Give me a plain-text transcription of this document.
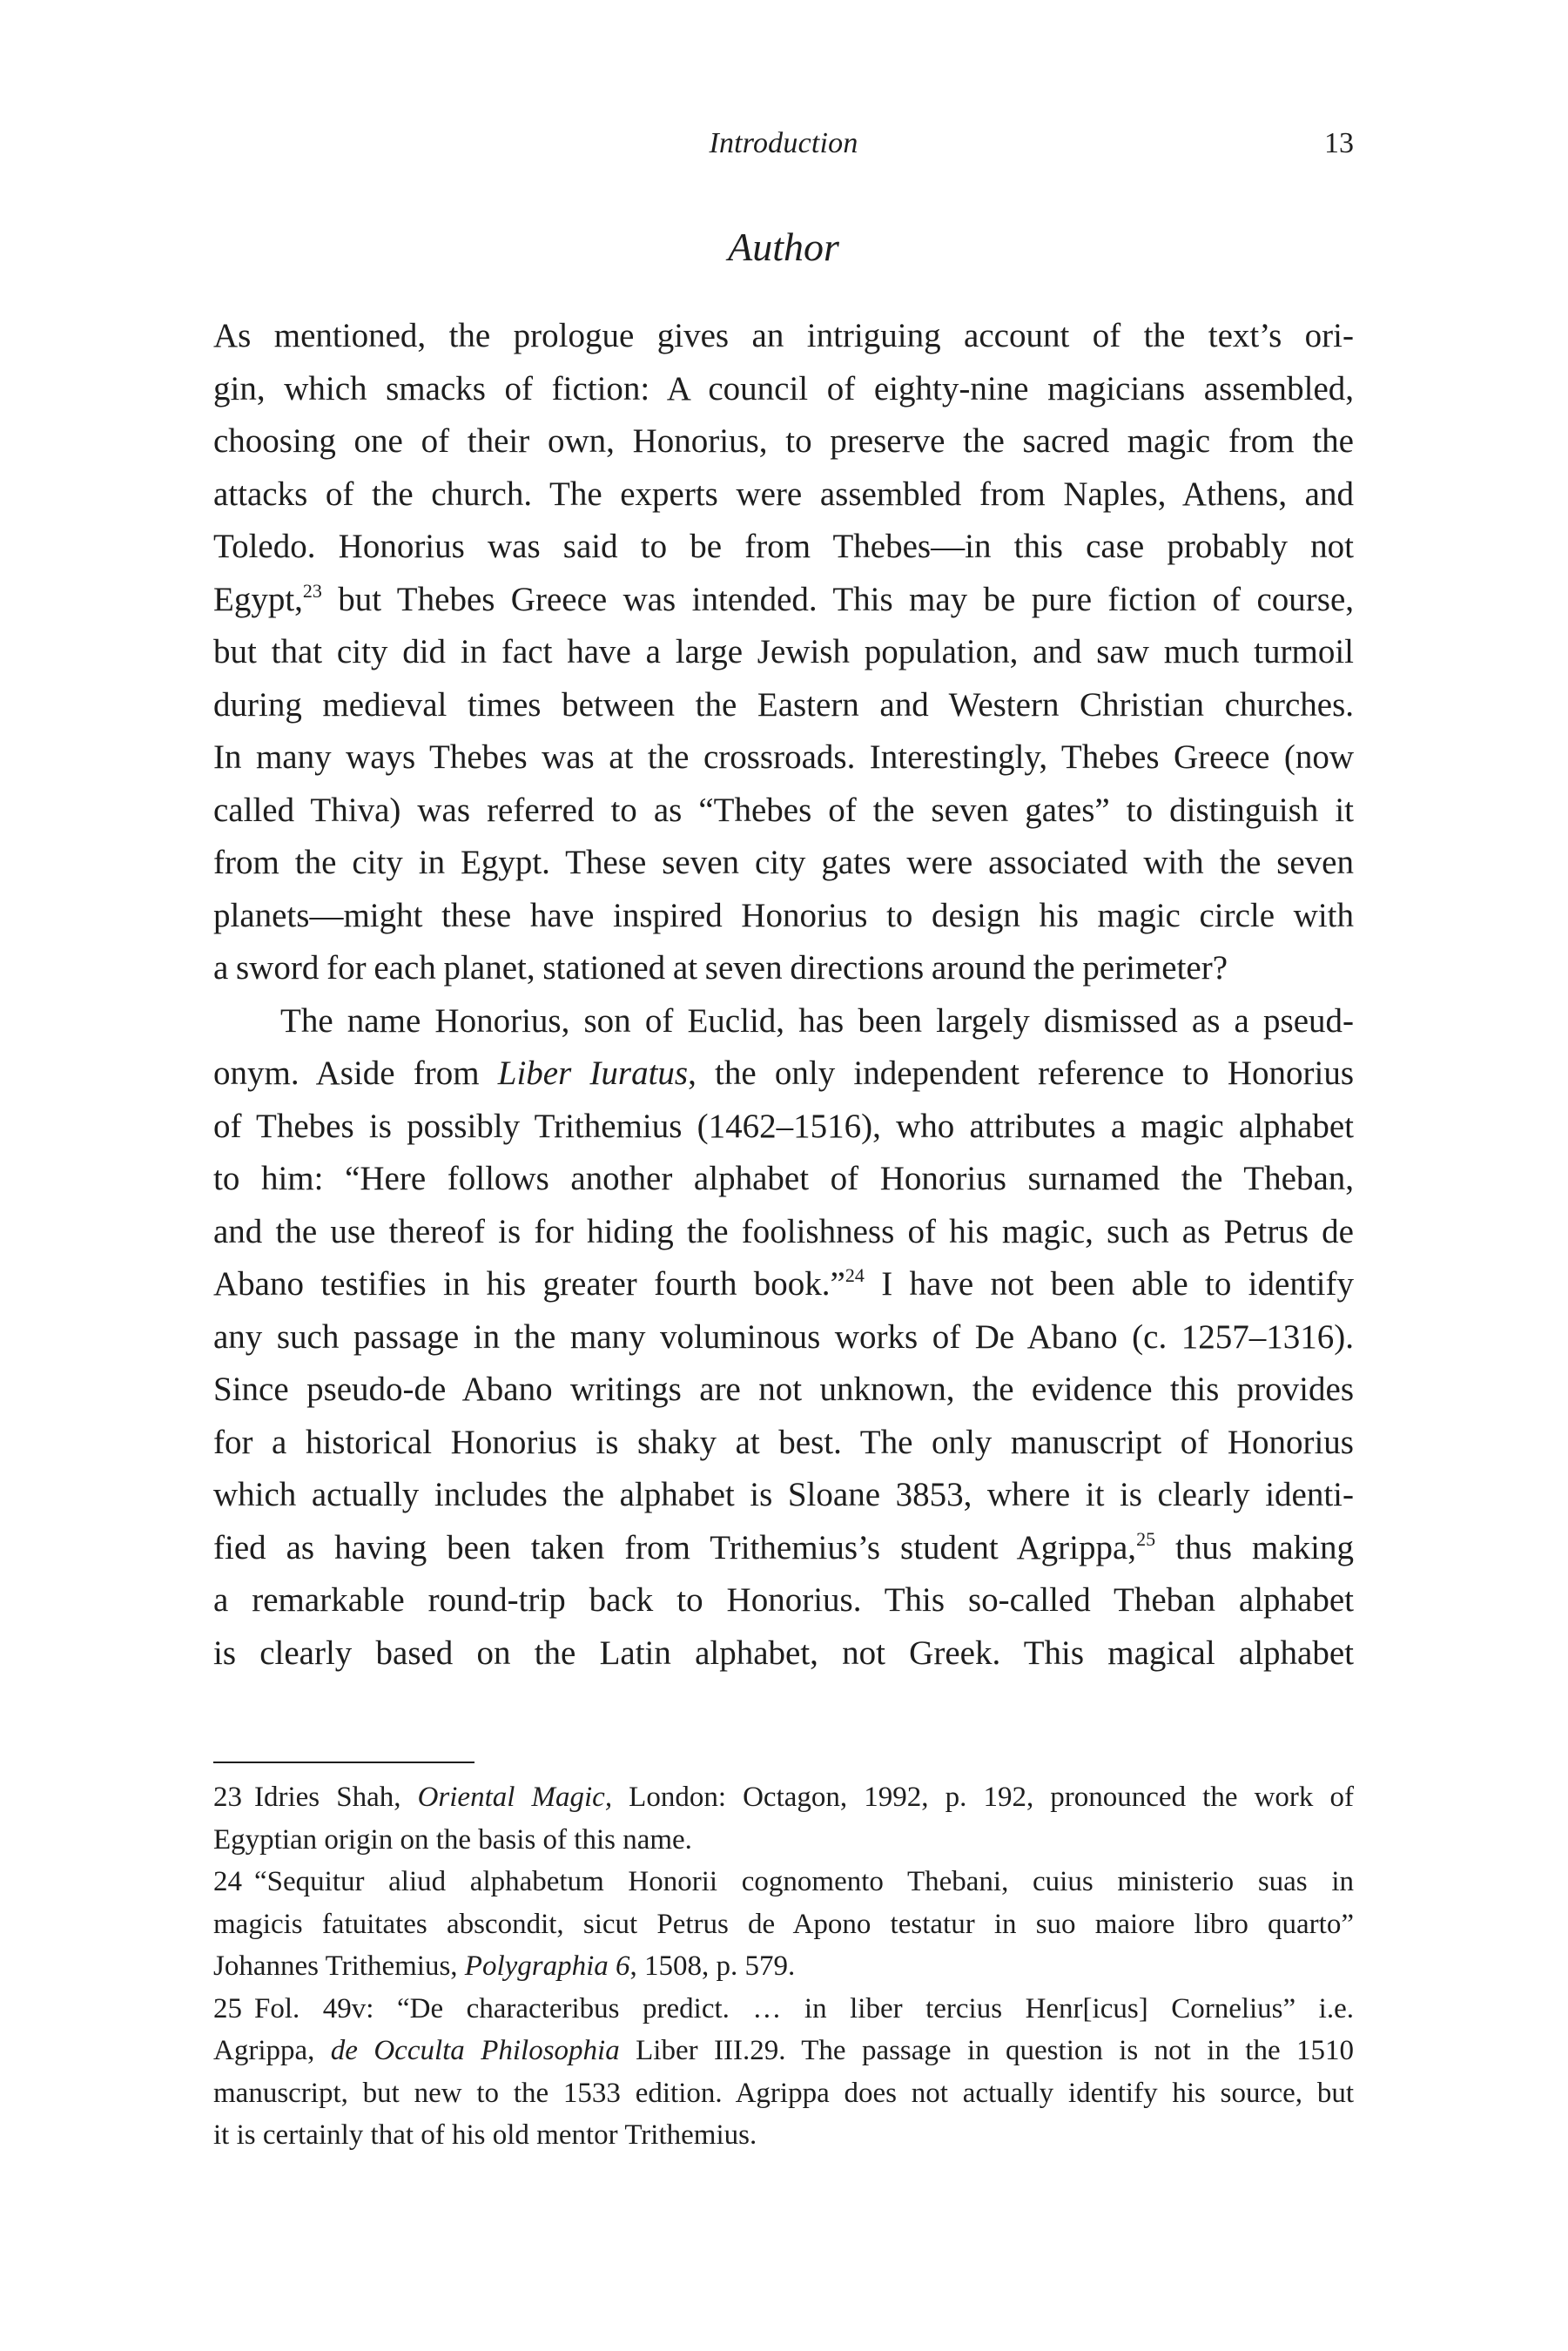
Introduction	13
Author
As mentioned, the prologue gives an intriguing account of the text’s ori-
gin, which smacks of fiction: A council of eighty-nine magicians assembled,
choosing one of their own, Honorius, to preserve the sacred magic from the
attacks of the church. The experts were assembled from Naples, Athens, and
Toledo. Honorius was said to be from Thebes—in this case probably not
Egypt,$^{23}$ but Thebes Greece was intended. This may be pure fiction of course,
but that city did in fact have a large Jewish population, and saw much turmoil
during medieval times between the Eastern and Western Christian churches.
In many ways Thebes was at the crossroads. Interestingly, Thebes Greece (now
called Thiva) was referred to as “Thebes of the seven gates” to distinguish it
from the city in Egypt. These seven city gates were associated with the seven
planets—might these have inspired Honorius to design his magic circle with
a sword for each planet, stationed at seven directions around the perimeter?
The name Honorius, son of Euclid, has been largely dismissed as a pseud-
onym. Aside from Liber Iuratus, the only independent reference to Honorius
of Thebes is possibly Trithemius (1462–1516), who attributes a magic alphabet
to him: “Here follows another alphabet of Honorius surnamed the Theban,
and the use thereof is for hiding the foolishness of his magic, such as Petrus de
Abano testifies in his greater fourth book.”$^{24}$ I have not been able to identify
any such passage in the many voluminous works of De Abano (c. 1257–1316).
Since pseudo-de Abano writings are not unknown, the evidence this provides
for a historical Honorius is shaky at best. The only manuscript of Honorius
which actually includes the alphabet is Sloane 3853, where it is clearly identi-
fied as having been taken from Trithemius’s student Agrippa,$^{25}$ thus making
a remarkable round-trip back to Honorius. This so-called Theban alphabet
is clearly based on the Latin alphabet, not Greek. This magical alphabet
23 Idries Shah, Oriental Magic, London: Octagon, 1992, p. 192, pronounced the work of
Egyptian origin on the basis of this name.
24 “Sequitur aliud alphabetum Honorii cognomento Thebani, cuius ministerio suas in
magicis fatuitates abscondit, sicut Petrus de Apono testatur in suo maiore libro quarto”
Johannes Trithemius, Polygraphia 6, 1508, p. 579.
25 Fol. 49v: “De characteribus predict. … in liber tercius Henr[icus] Cornelius” i.e.
Agrippa, de Occulta Philosophia Liber III.29. The passage in question is not in the 1510
manuscript, but new to the 1533 edition. Agrippa does not actually identify his source, but
it is certainly that of his old mentor Trithemius.
